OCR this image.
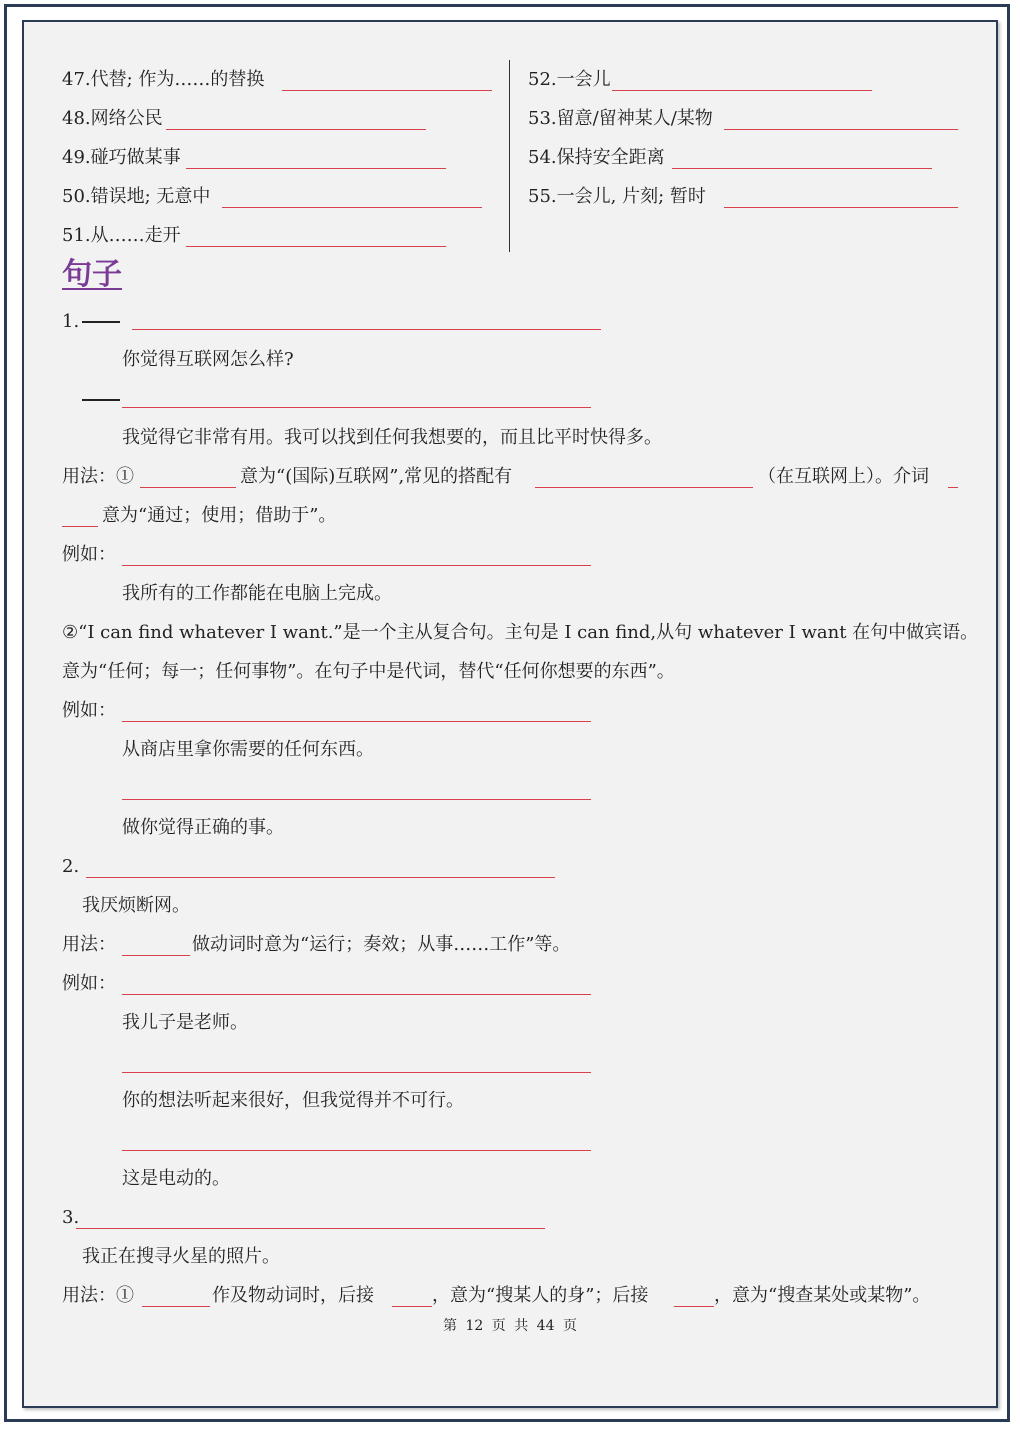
47.代替; 作为……的替换
48.网络公民
49.碰巧做某事
50.错误地; 无意中
51.从……走开
52.一会儿
53.留意/留神某人/某物
54.保持安全距离
55.一会儿, 片刻; 暂时
句子
1.
你觉得互联网怎么样?
我觉得它非常有用。我可以找到任何我想要的，而且比平时快得多。
用法：①	意为“(国际)互联网”,常见的搭配有	（在互联网上）。介词
意为“通过；使用；借助于”。
例如：
我所有的工作都能在电脑上完成。
②“I can find whatever I want.”是一个主从复合句。主句是 I can find,从句 whatever I want 在句中做宾语。
意为“任何；每一；任何事物”。在句子中是代词，替代“任何你想要的东西”。
例如：
从商店里拿你需要的任何东西。
做你觉得正确的事。
2.
我厌烦断网。
用法：	做动词时意为“运行；奏效；从事……工作”等。
例如：
我儿子是老师。
你的想法听起来很好，但我觉得并不可行。
这是电动的。
3.
我正在搜寻火星的照片。
用法：①	作及物动词时，后接	，意为“搜某人的身”；后接	，意为“搜查某处或某物”。
第 12 页 共 44 页
